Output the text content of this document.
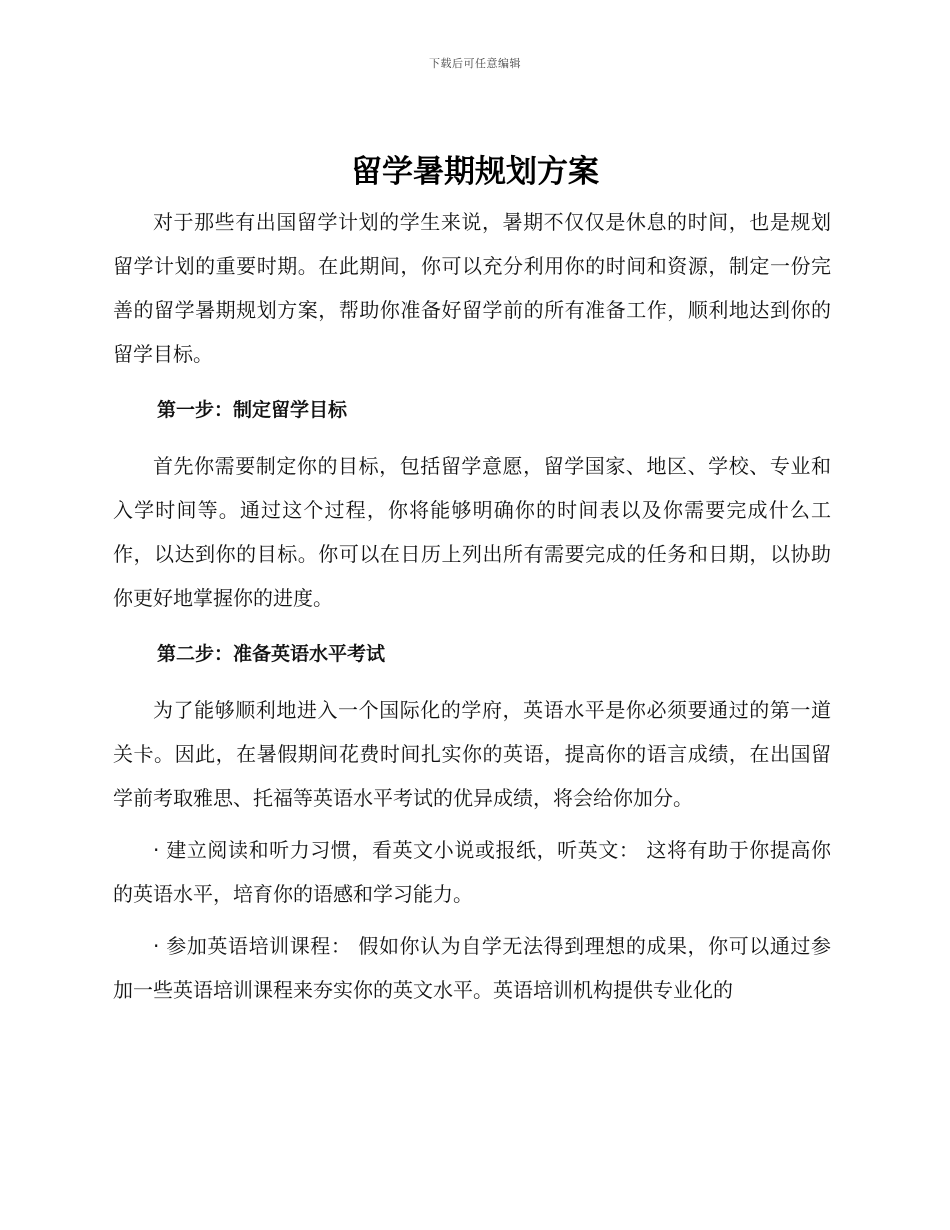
下载后可任意编辑
留学暑期规划方案

对于那些有出国留学计划的学生来说，暑期不仅仅是休息的时间，也是规划留学计划的重要时期。在此期间，你可以充分利用你的时间和资源，制定一份完善的留学暑期规划方案，帮助你准备好留学前的所有准备工作，顺利地达到你的留学目标。

第一步：制定留学目标

首先你需要制定你的目标，包括留学意愿，留学国家、地区、学校、专业和入学时间等。通过这个过程，你将能够明确你的时间表以及你需要完成什么工作，以达到你的目标。你可以在日历上列出所有需要完成的任务和日期，以协助你更好地掌握你的进度。

第二步：准备英语水平考试

为了能够顺利地进入一个国际化的学府，英语水平是你必须要通过的第一道关卡。因此，在暑假期间花费时间扎实你的英语，提高你的语言成绩，在出国留学前考取雅思、托福等英语水平考试的优异成绩，将会给你加分。

· 建立阅读和听力习惯，看英文小说或报纸，听英文： 这将有助于你提高你的英语水平，培育你的语感和学习能力。

· 参加英语培训课程： 假如你认为自学无法得到理想的成果，你可以通过参加一些英语培训课程来夯实你的英文水平。英语培训机构提供专业化的
